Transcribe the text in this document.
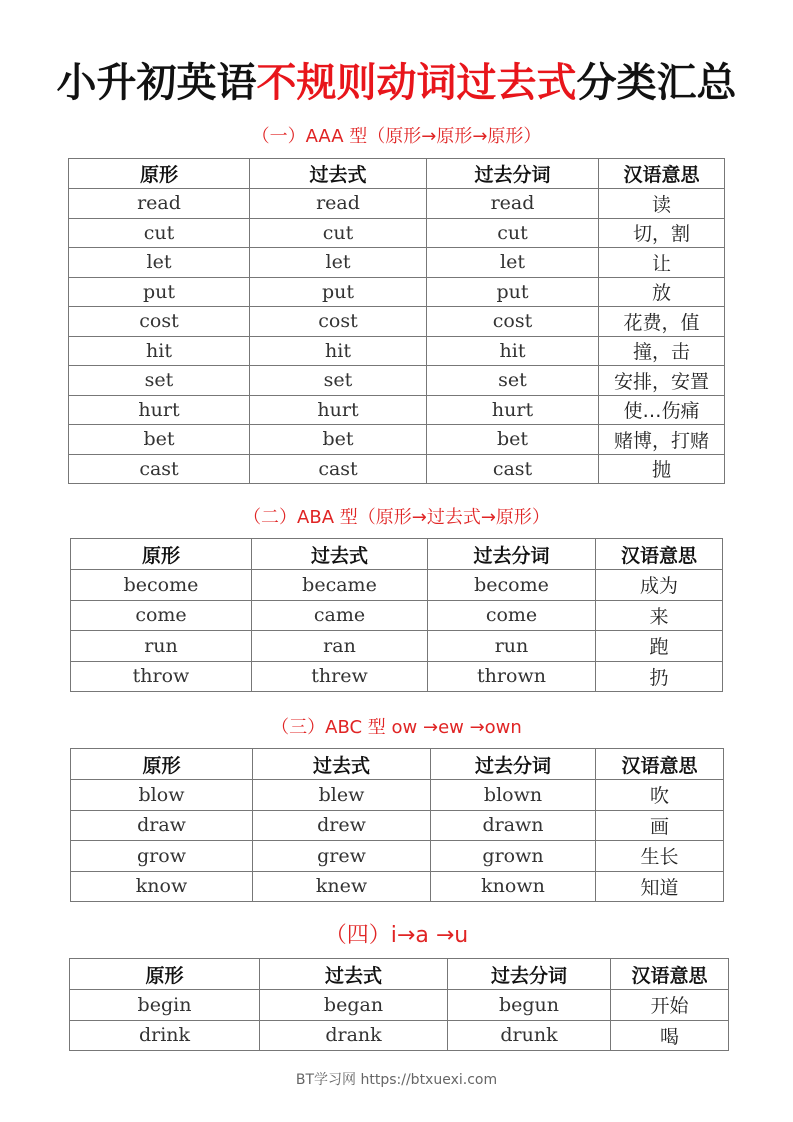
小升初英语不规则动词过去式分类汇总
（一）AAA 型（原形→原形→原形）
原形	过去式	过去分词	汉语意思
read	read	read	读
cut	cut	cut	切，割
let	let	let	让
put	put	put	放
cost	cost	cost	花费，值
hit	hit	hit	撞，击
set	set	set	安排，安置
hurt	hurt	hurt	使…伤痛
bet	bet	bet	赌博，打赌
cast	cast	cast	抛
（二）ABA 型（原形→过去式→原形）
原形	过去式	过去分词	汉语意思
become	became	become	成为
come	came	come	来
run	ran	run	跑
throw	threw	thrown	扔
（三）ABC 型 ow →ew →own
原形	过去式	过去分词	汉语意思
blow	blew	blown	吹
draw	drew	drawn	画
grow	grew	grown	生长
know	knew	known	知道
（四）i→a →u
原形	过去式	过去分词	汉语意思
begin	began	begun	开始
drink	drank	drunk	喝
BT学习网 https://btxuexi.com
